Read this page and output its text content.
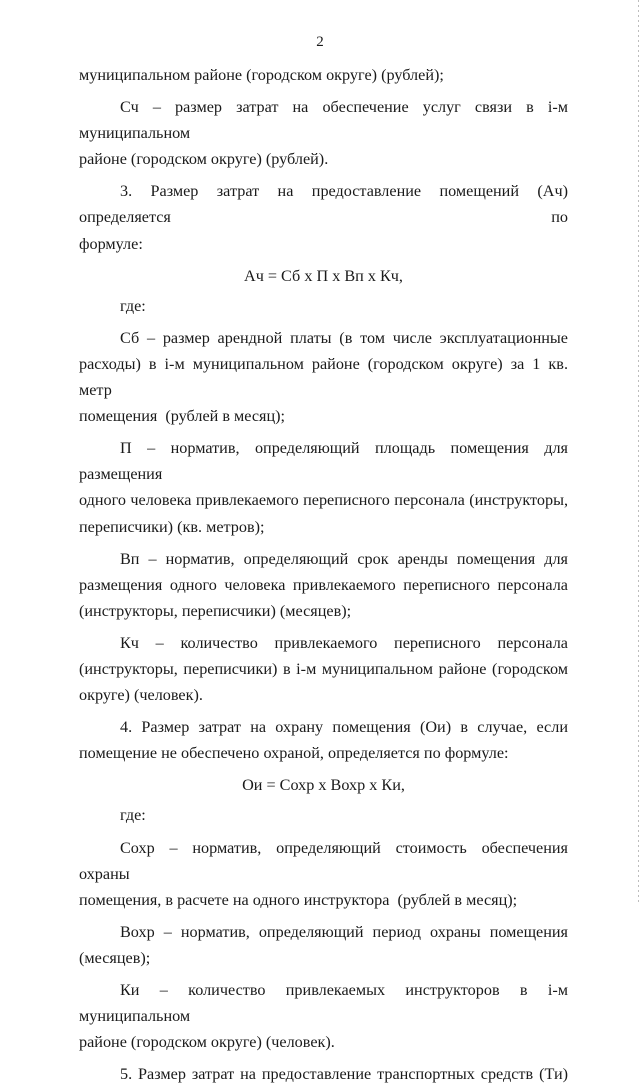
2

муниципальном районе (городском округе) (рублей);

Сч – размер затрат на обеспечение услуг связи в i-м муниципальном
районе (городском округе) (рублей).

3. Размер затрат на предоставление помещений (Ач) определяется по
формуле:

Ач = Сб x П x Вп x Кч,

где:

Сб – размер арендной платы (в том числе эксплуатационные
расходы) в i-м муниципальном районе (городском округе) за 1 кв. метр
помещения  (рублей в месяц);

П – норматив, определяющий площадь помещения для размещения
одного человека привлекаемого переписного персонала (инструкторы,
переписчики) (кв. метров);

Вп – норматив, определяющий срок аренды помещения для
размещения одного человека привлекаемого переписного персонала
(инструкторы, переписчики) (месяцев);

Кч – количество привлекаемого переписного персонала
(инструкторы, переписчики) в i-м муниципальном районе (городском
округе) (человек).

4. Размер затрат на охрану помещения (Ои) в случае, если
помещение не обеспечено охраной, определяется по формуле:

Ои = Сохр x Вохр x Ки,

где:

Сохр – норматив, определяющий стоимость обеспечения охраны
помещения, в расчете на одного инструктора  (рублей в месяц);

Вохр – норматив, определяющий период охраны помещения
(месяцев);

Ки – количество привлекаемых инструкторов в i-м муниципальном
районе (городском округе) (человек).

5. Размер затрат на предоставление транспортных средств (Ти)
